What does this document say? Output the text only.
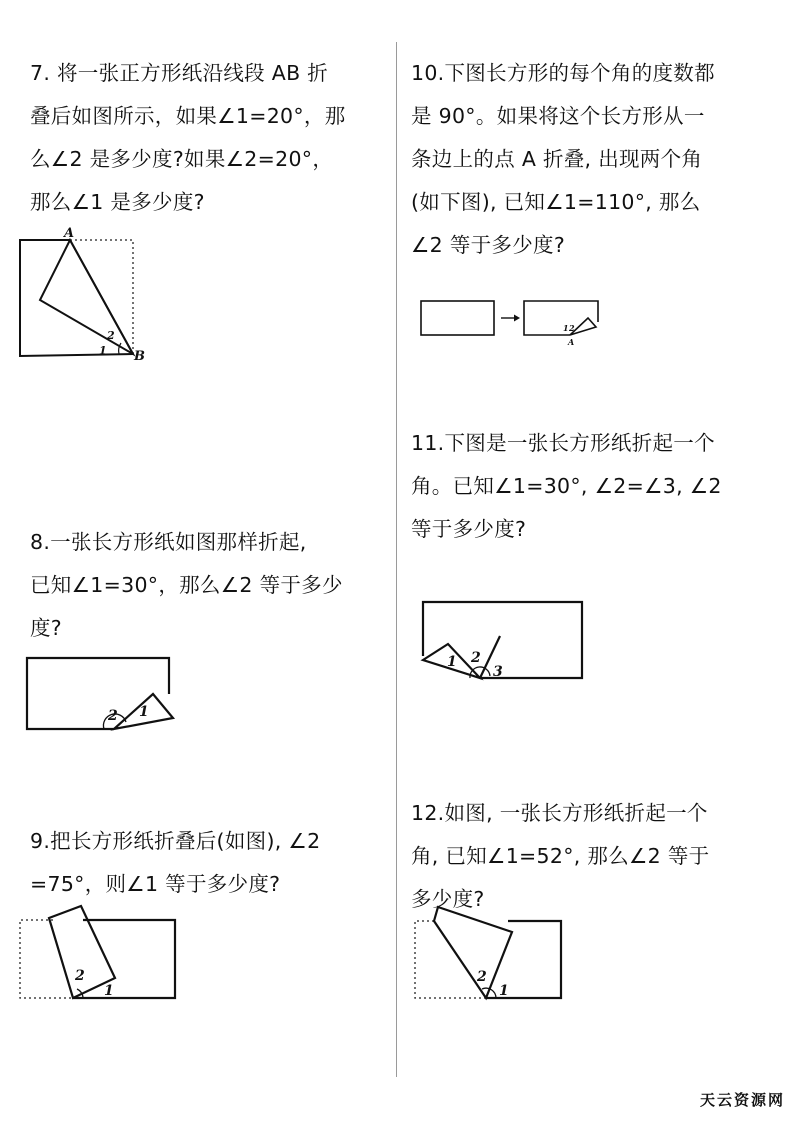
7. 将一张正方形纸沿线段 AB 折

叠后如图所示，如果∠1=20°，那

么∠2 是多少度?如果∠2=20°，

那么∠1 是多少度?

A
B
1
2

8.一张长方形纸如图那样折起,

已知∠1=30°，那么∠2 等于多少

度?

2 1

9.把长方形纸折叠后(如图), ∠2

=75°，则∠1 等于多少度?

2
1

10.下图长方形的每个角的度数都

是 90°。如果将这个长方形从一

条边上的点 A 折叠, 出现两个角

(如下图), 已知∠1=110°, 那么

∠2 等于多少度?

1 2
A

11.下图是一张长方形纸折起一个

角。已知∠1=30°, ∠2=∠3, ∠2

等于多少度?

1 2
3

12.如图, 一张长方形纸折起一个

角, 已知∠1=52°, 那么∠2 等于

多少度?

2
1
天云资源网
